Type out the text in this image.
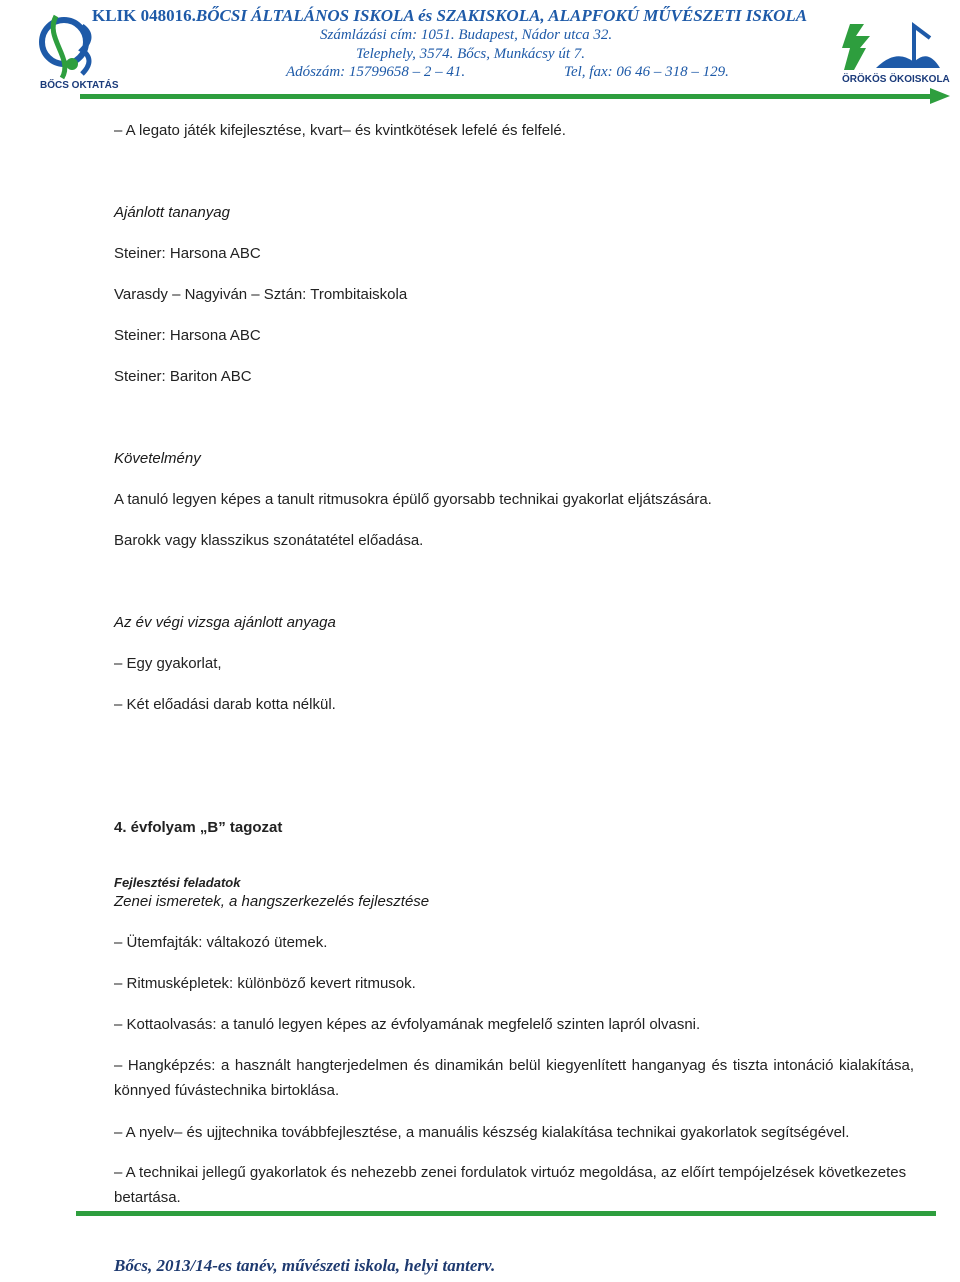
BŐCS OKTATÁS
KLIK 048016.BŐCSI ÁLTALÁNOS ISKOLA és SZAKISKOLA, ALAPFOKÚ MŰVÉSZETI ISKOLA
Számlázási cím: 1051. Budapest, Nádor utca 32.
Telephely, 3574. Bőcs, Munkácsy út 7.
Adószám: 15799658 – 2 – 41.	Tel, fax: 06 46 – 318 – 129.	ÖRÖKÖS ÖKOISKOLA
– A legato játék kifejlesztése, kvart– és kvintkötések lefelé és felfelé.
Ajánlott tananyag
Steiner: Harsona ABC
Varasdy – Nagyiván – Sztán: Trombitaiskola
Steiner: Harsona ABC
Steiner: Bariton ABC
Követelmény
A tanuló legyen képes a tanult ritmusokra épülő gyorsabb technikai gyakorlat eljátszására.
Barokk vagy klasszikus szonátatétel előadása.
Az év végi vizsga ajánlott anyaga
– Egy gyakorlat,
– Két előadási darab kotta nélkül.
4. évfolyam „B” tagozat
Fejlesztési feladatok
Zenei ismeretek, a hangszerkezelés fejlesztése
– Ütemfajták: váltakozó ütemek.
– Ritmusképletek: különböző kevert ritmusok.
– Kottaolvasás: a tanuló legyen képes az évfolyamának megfelelő szinten lapról olvasni.
– Hangképzés: a használt hangterjedelmen és dinamikán belül kiegyenlített hanganyag és tiszta intonáció kialakítása, könnyed fúvástechnika birtoklása.
– A nyelv– és ujjtechnika továbbfejlesztése, a manuális készség kialakítása technikai gyakorlatok segítségével.
– A technikai jellegű gyakorlatok és nehezebb zenei fordulatok virtuóz megoldása, az előírt tempójelzések következetes betartása.
Bőcs, 2013/14-es tanév, művészeti iskola, helyi tanterv.
